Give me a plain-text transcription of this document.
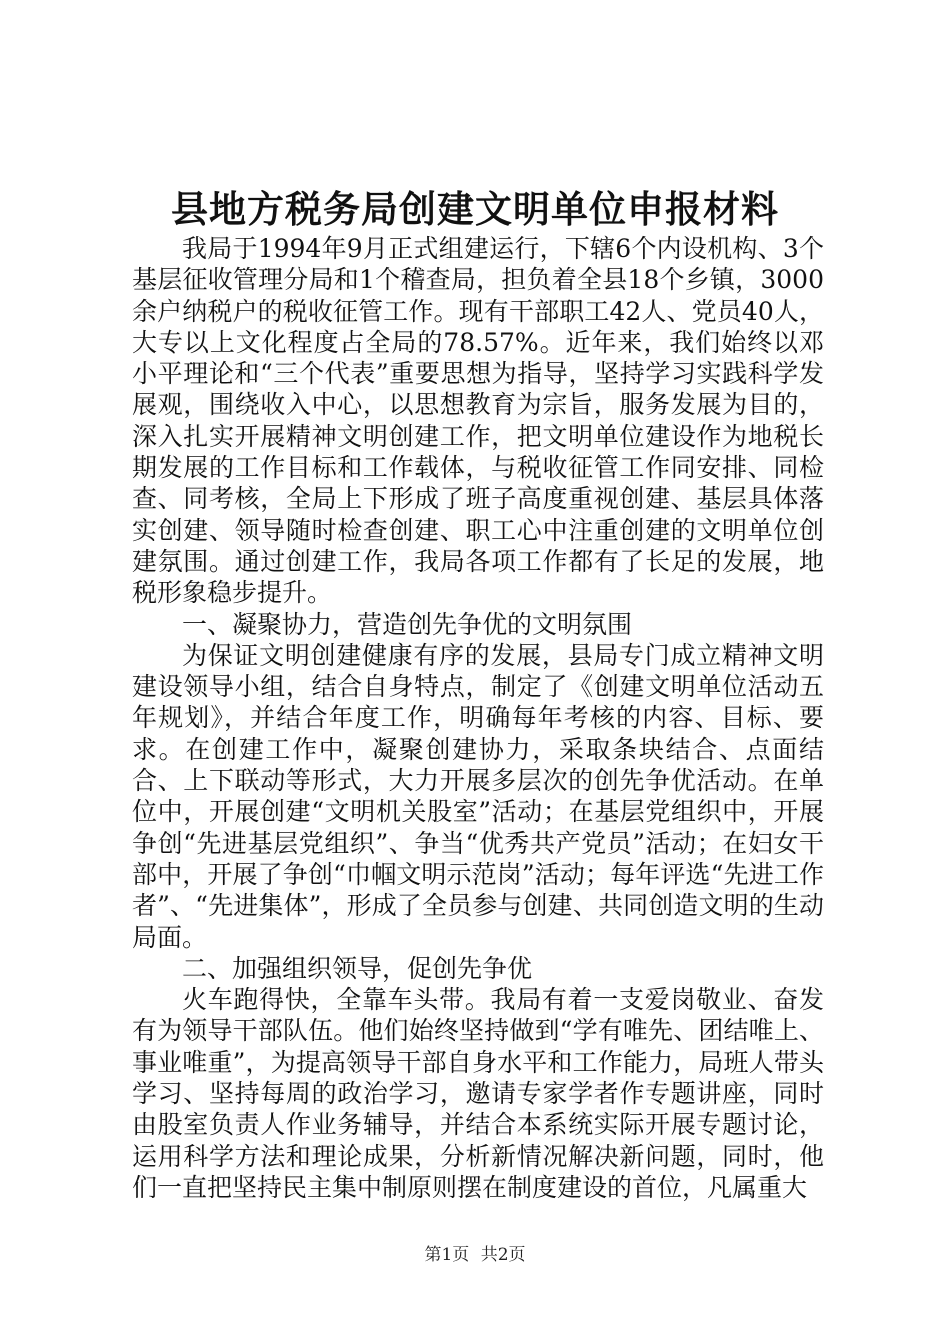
县地方税务局创建文明单位申报材料

我局于1994年9月正式组建运行，下辖6个内设机构、3个基层征收管理分局和1个稽查局，担负着全县18个乡镇，3000余户纳税户的税收征管工作。现有干部职工42人、党员40人，大专以上文化程度占全局的78.57%。近年来，我们始终以邓小平理论和“三个代表”重要思想为指导，坚持学习实践科学发展观，围绕收入中心，以思想教育为宗旨，服务发展为目的，深入扎实开展精神文明创建工作，把文明单位建设作为地税长期发展的工作目标和工作载体，与税收征管工作同安排、同检查、同考核，全局上下形成了班子高度重视创建、基层具体落实创建、领导随时检查创建、职工心中注重创建的文明单位创建氛围。通过创建工作，我局各项工作都有了长足的发展，地税形象稳步提升。

一、凝聚协力，营造创先争优的文明氛围

为保证文明创建健康有序的发展，县局专门成立精神文明建设领导小组，结合自身特点，制定了《创建文明单位活动五年规划》，并结合年度工作，明确每年考核的内容、目标、要求。在创建工作中，凝聚创建协力，采取条块结合、点面结合、上下联动等形式，大力开展多层次的创先争优活动。在单位中，开展创建“文明机关股室”活动；在基层党组织中，开展争创“先进基层党组织”、争当“优秀共产党员”活动；在妇女干部中，开展了争创“巾帼文明示范岗”活动；每年评选“先进工作者”、“先进集体”，形成了全员参与创建、共同创造文明的生动局面。

二、加强组织领导，促创先争优

火车跑得快，全靠车头带。我局有着一支爱岗敬业、奋发有为领导干部队伍。他们始终坚持做到“学有唯先、团结唯上、事业唯重”，为提高领导干部自身水平和工作能力，局班人带头学习、坚持每周的政治学习，邀请专家学者作专题讲座，同时由股室负责人作业务辅导，并结合本系统实际开展专题讨论，运用科学方法和理论成果，分析新情况解决新问题，同时，他们一直把坚持民主集中制原则摆在制度建设的首位，凡属重大

第1页 共2页
